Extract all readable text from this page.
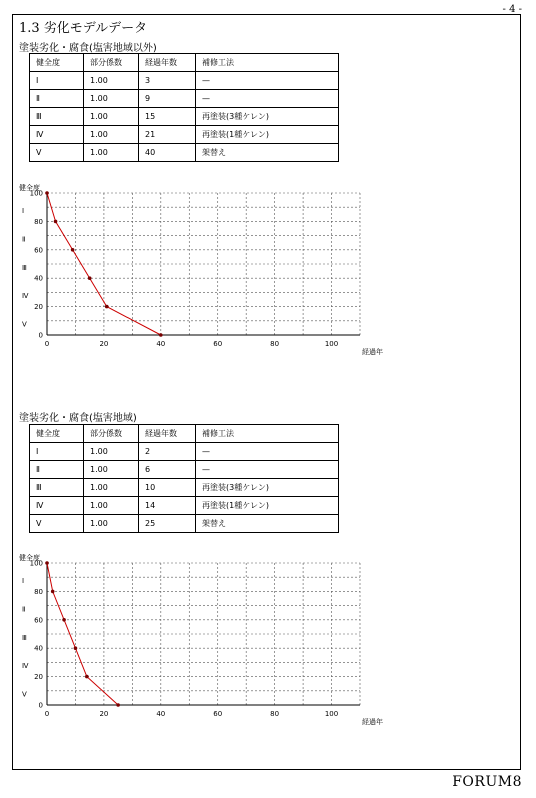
- 4 -
1.3 劣化モデルデータ
塗装劣化・腐食(塩害地域以外)
健全度	部分係数	経過年数	補修工法
Ⅰ	1.00	3	—
Ⅱ	1.00	9	—
Ⅲ	1.00	15	再塗装(3種ケレン)
Ⅳ	1.00	21	再塗装(1種ケレン)
Ⅴ	1.00	40	架替え
0
20
40
60
80
100
0	20	40	60	80	100
Ⅰ
Ⅱ
Ⅲ
Ⅳ
Ⅴ
健全度
経過年
塗装劣化・腐食(塩害地域)
健全度	部分係数	経過年数	補修工法
Ⅰ	1.00	2	—
Ⅱ	1.00	6	—
Ⅲ	1.00	10	再塗装(3種ケレン)
Ⅳ	1.00	14	再塗装(1種ケレン)
Ⅴ	1.00	25	架替え
0
20
40
60
80
100
0	20	40	60	80	100
Ⅰ
Ⅱ
Ⅲ
Ⅳ
Ⅴ
健全度
経過年
FORUM8
